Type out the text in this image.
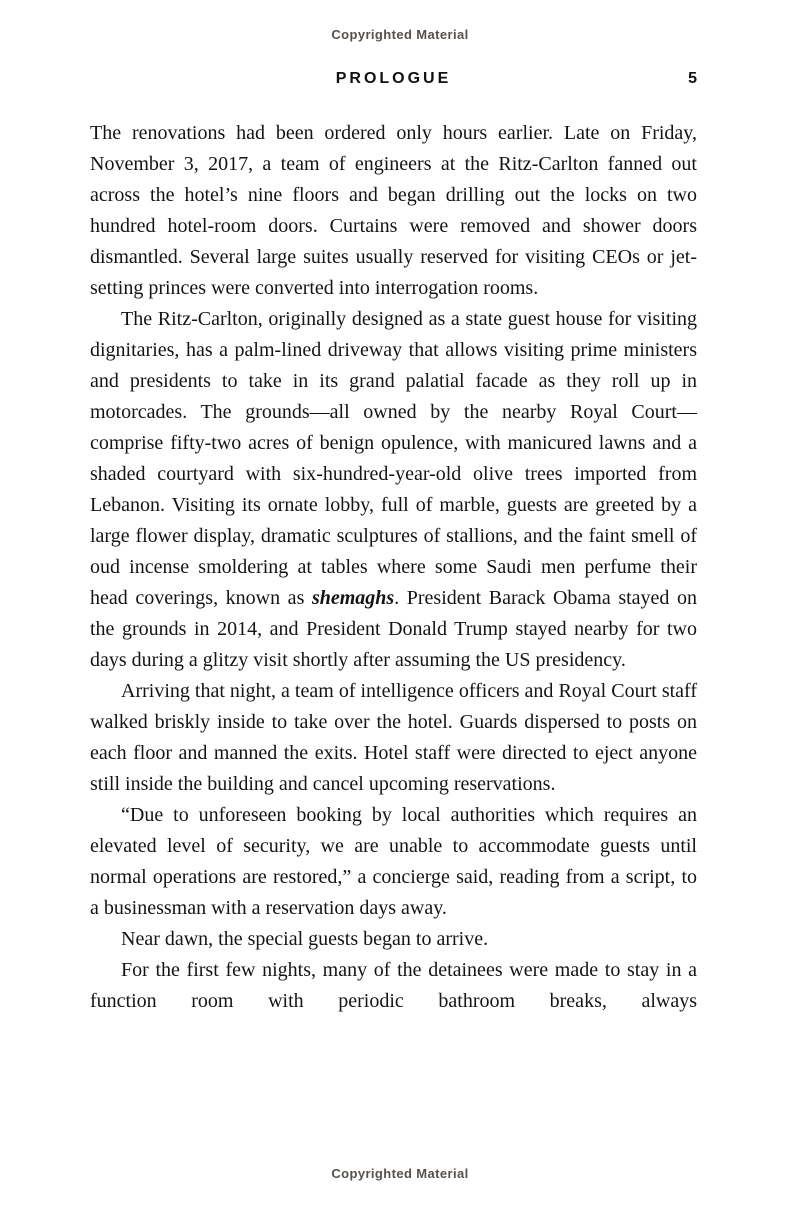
Copyrighted Material
PROLOGUE	5

The renovations had been ordered only hours earlier. Late on Friday, November 3, 2017, a team of engineers at the Ritz-Carlton fanned out across the hotel’s nine floors and began drilling out the locks on two hundred hotel-room doors. Curtains were removed and shower doors dismantled. Several large suites usually reserved for visiting CEOs or jet-setting princes were converted into interrogation rooms.

The Ritz-Carlton, originally designed as a state guest house for visiting dignitaries, has a palm-lined driveway that allows visiting prime ministers and presidents to take in its grand palatial facade as they roll up in motorcades. The grounds—all owned by the nearby Royal Court—comprise fifty-two acres of benign opulence, with manicured lawns and a shaded courtyard with six-hundred-year-old olive trees imported from Lebanon. Visiting its ornate lobby, full of marble, guests are greeted by a large flower display, dramatic sculptures of stallions, and the faint smell of oud incense smoldering at tables where some Saudi men perfume their head coverings, known as shemaghs. President Barack Obama stayed on the grounds in 2014, and President Donald Trump stayed nearby for two days during a glitzy visit shortly after assuming the US presidency.

Arriving that night, a team of intelligence officers and Royal Court staff walked briskly inside to take over the hotel. Guards dispersed to posts on each floor and manned the exits. Hotel staff were directed to eject anyone still inside the building and cancel upcoming reservations.

“Due to unforeseen booking by local authorities which requires an elevated level of security, we are unable to accommodate guests until normal operations are restored,” a concierge said, reading from a script, to a businessman with a reservation days away.

Near dawn, the special guests began to arrive.

For the first few nights, many of the detainees were made to stay in a function room with periodic bathroom breaks, always

Copyrighted Material
